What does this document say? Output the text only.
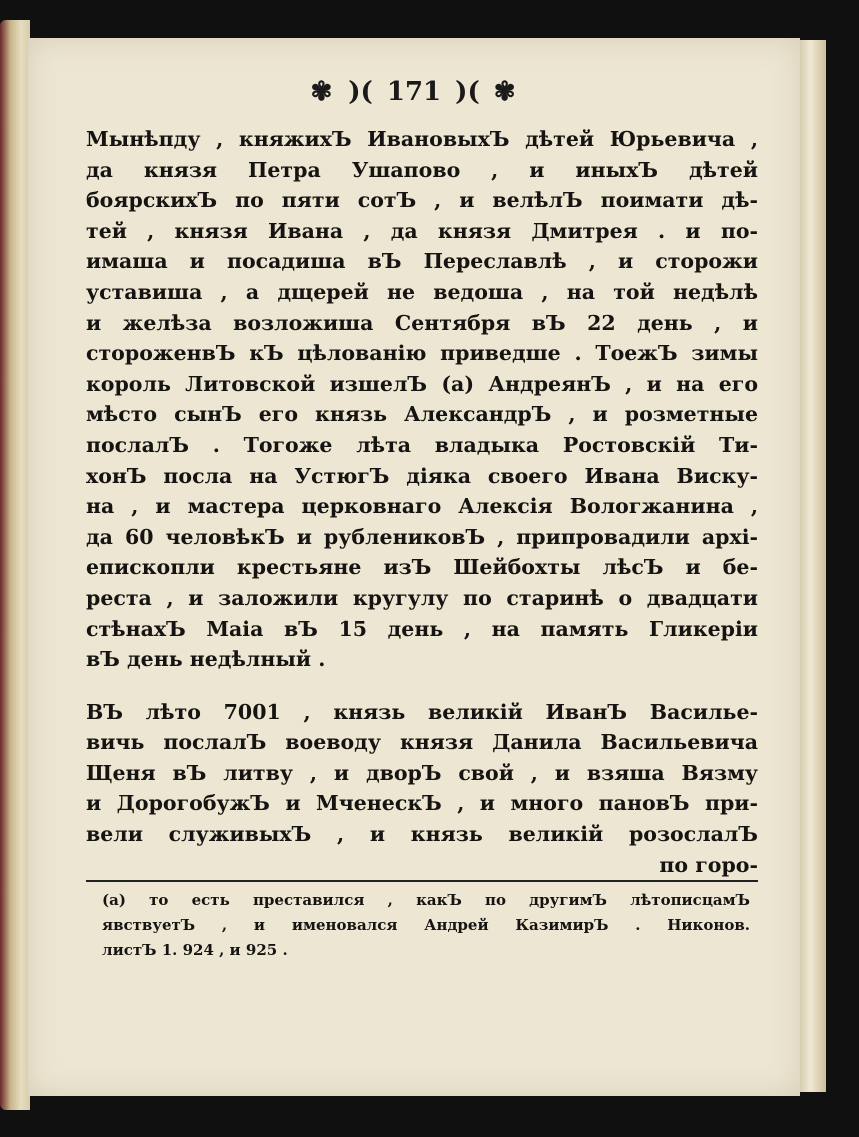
✾ )( 171 )( ✾
Мынѣпду , княжихЪ ИвановыхЪ дѣтей Юрьевича ,
да князя Петра Ушапово , и иныхЪ дѣтей
боярскихЪ по пяти сотЪ , и велѣлЪ поимати дѣ-
тей , князя Ивана , да князя Дмитрея . и по-
имаша и посадиша вЪ Переславлѣ , и сторожи
уставиша , а дщерей не ведоша , на той недѣлѣ
и желѣза возложиша Сентября вЪ 22 день , и
стороженвЪ кЪ цѣлованію приведше . ТоежЪ зимы
король Литовской изшелЪ (а) АндреянЪ , и на его
мѣсто сынЪ его князь АлександрЪ , и розметные
послалЪ . Тогоже лѣта владыка Ростовскій Ти-
хонЪ посла на УстюгЪ діяка своего Ивана Виску-
на , и мастера церковнаго Алексія Вологжанина ,
да 60 человѣкЪ и рублениковЪ , припровадили архі-
епископли крестьяне изЪ Шейбохты лѣсЪ и бе-
реста , и заложили кругулу по старинѣ о двадцати
стѣнахЪ Маіа вЪ 15 день , на память Гликеріи
вЪ день недѣлный .
ВЪ лѣто 7001 , князь великій ИванЪ Василье-
вичь послалЪ воеводу князя Данила Васильевича
Щеня вЪ литву , и дворЪ свой , и взяша Вязму
и ДорогобужЪ и МченескЪ , и много пановЪ при-
вели служивыхЪ , и князь великій розослалЪ
по горо-
(а) то есть преставился , какЪ по другимЪ лѣтописцамЪ
явствуетЪ , и именовался Андрей КазимирЪ . Никонов.
листЪ 1. 924 , и 925 .
